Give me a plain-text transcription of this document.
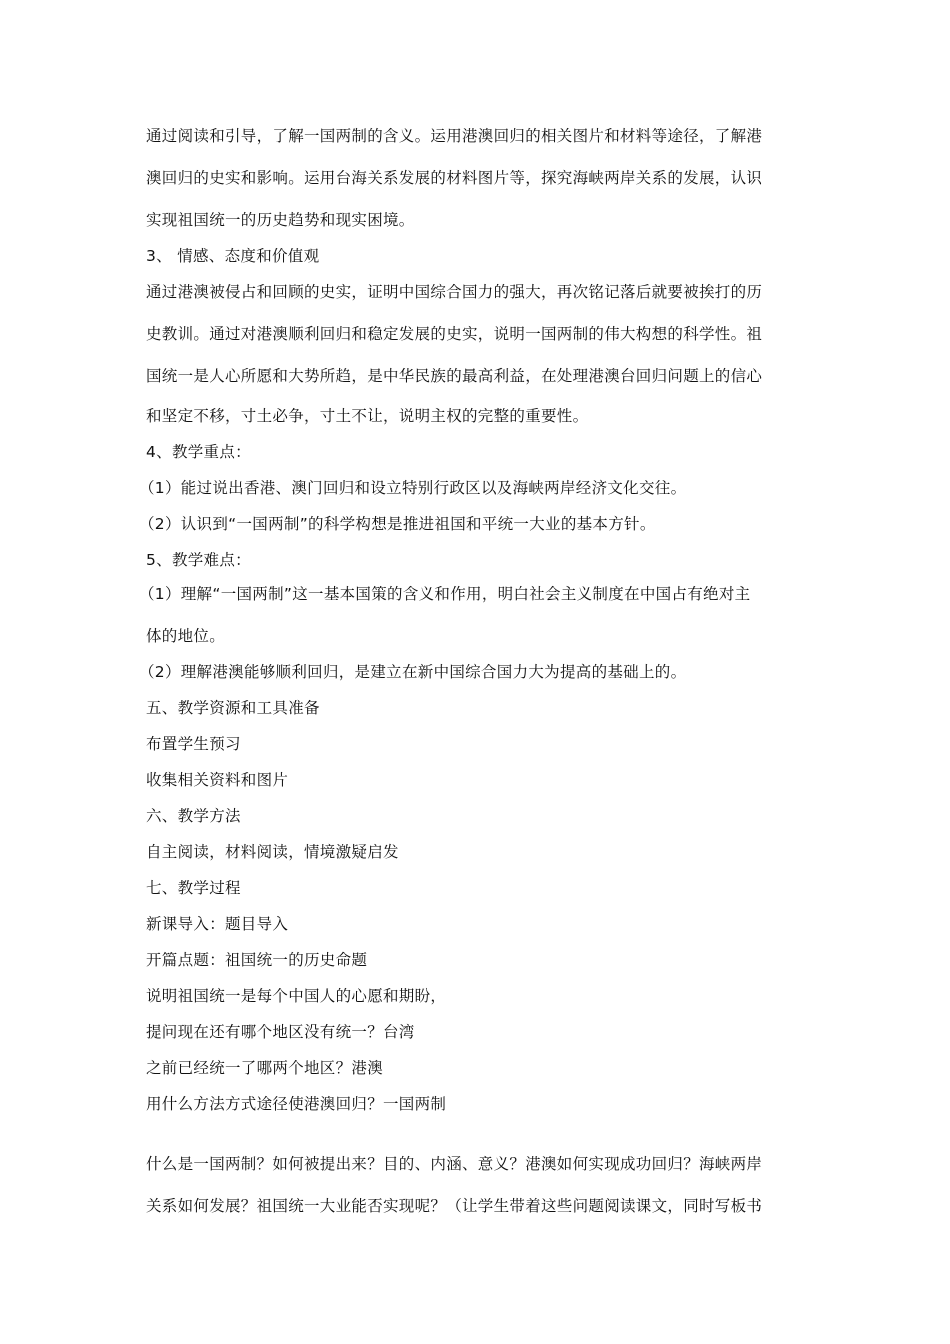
通过阅读和引导，了解一国两制的含义。运用港澳回归的相关图片和材料等途径，了解港
澳回归的史实和影响。运用台海关系发展的材料图片等，探究海峡两岸关系的发展，认识
实现祖国统一的历史趋势和现实困境。
3、 情感、态度和价值观
通过港澳被侵占和回顾的史实，证明中国综合国力的强大，再次铭记落后就要被挨打的历
史教训。通过对港澳顺利回归和稳定发展的史实，说明一国两制的伟大构想的科学性。祖
国统一是人心所愿和大势所趋，是中华民族的最高利益，在处理港澳台回归问题上的信心
和坚定不移，寸土必争，寸土不让，说明主权的完整的重要性。
4、教学重点：
（1）能过说出香港、澳门回归和设立特别行政区以及海峡两岸经济文化交往。
（2）认识到“一国两制”的科学构想是推进祖国和平统一大业的基本方针。
5、教学难点：
（1）理解“一国两制”这一基本国策的含义和作用，明白社会主义制度在中国占有绝对主
体的地位。
（2）理解港澳能够顺利回归，是建立在新中国综合国力大为提高的基础上的。
五、教学资源和工具准备
布置学生预习
收集相关资料和图片
六、教学方法
自主阅读，材料阅读，情境激疑启发
七、教学过程
新课导入：题目导入
开篇点题：祖国统一的历史命题
说明祖国统一是每个中国人的心愿和期盼，
提问现在还有哪个地区没有统一？台湾
之前已经统一了哪两个地区？港澳
用什么方法方式途径使港澳回归？一国两制
什么是一国两制？如何被提出来？目的、内涵、意义？港澳如何实现成功回归？海峡两岸
关系如何发展？祖国统一大业能否实现呢？（让学生带着这些问题阅读课文，同时写板书
